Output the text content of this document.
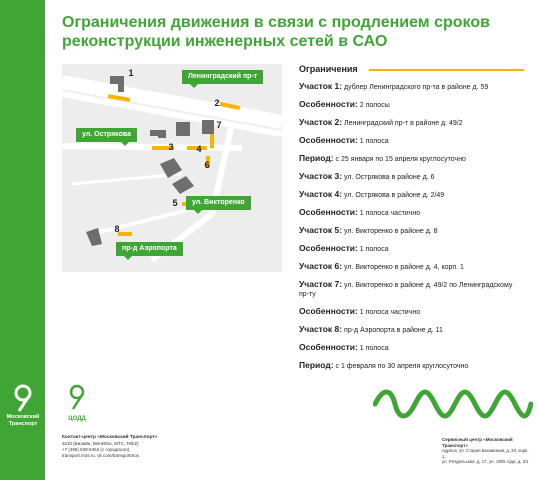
Московский
Транспорт
Ограничения движения в связи с продлением сроков реконструкции инженерных сетей в САО
1
2
3	4
5
6
7
8
Ленинградский пр-т
ул. Острякова
ул. Викторенко
пр-д Аэропорта
Ограничения
Участок 1: дублер Ленинградского пр-та в районе д. 59
Особенности: 2 полосы
Участок 2: Ленинградский пр-т в районе д. 49/2
Особенности: 1 полоса
Период: с 25 января по 15 апреля круглосуточно
Участок 3: ул. Острякова в районе д. 6
Участок 4: ул. Острякова в районе д. 2/49
Особенности: 1 полоса частично
Участок 5: ул. Викторенко в районе д. 8
Особенности: 1 полоса
Участок 6: ул. Викторенко в районе д. 4, корп. 1
Участок 7: ул. Викторенко в районе д. 49/2 по Ленинградскому пр-ту
Особенности: 1 полоса частично
Участок 8: пр-д Аэропорта в районе д. 11
Особенности: 1 полоса
Период: с 1 февраля по 30 апреля круглосуточно
ЦОДД
Контакт-центр «Московский Транспорт»
3210 (Билайн, МегаФон, МТС, Tele2)
+7 (495) 539-5454 (с городского)
transport.mos.ru, vk.com/transportmos
Сервисный центр «Московский Транспорт»
Адреса: ул. Старая Басманная, д. 20, корп. 1,
ул. Рочдельская, д. 17, ул. 1905 года, д. 2/1
